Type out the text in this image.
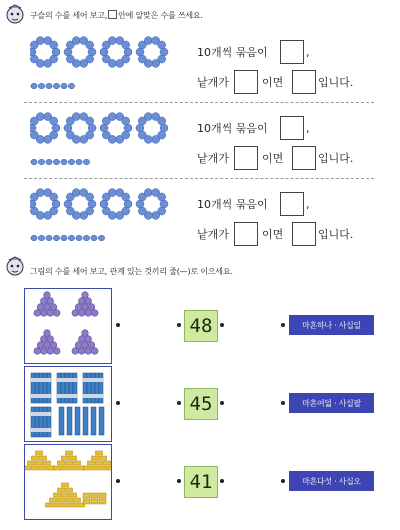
구슬의 수를 세어 보고, 안에 알맞은 수를 쓰세요.
10개씩 묶음이	,
낱개가	이면	입니다.
10개씩 묶음이	,
낱개가	이면	입니다.
10개씩 묶음이	,
낱개가	이면	입니다.
그림의 수를 세어 보고, 관계 있는 것끼리 줄(—)로 이으세요.
48
45
41
마흔하나 · 사십일
마흔여덟 · 사십팔
마흔다섯 · 사십오
